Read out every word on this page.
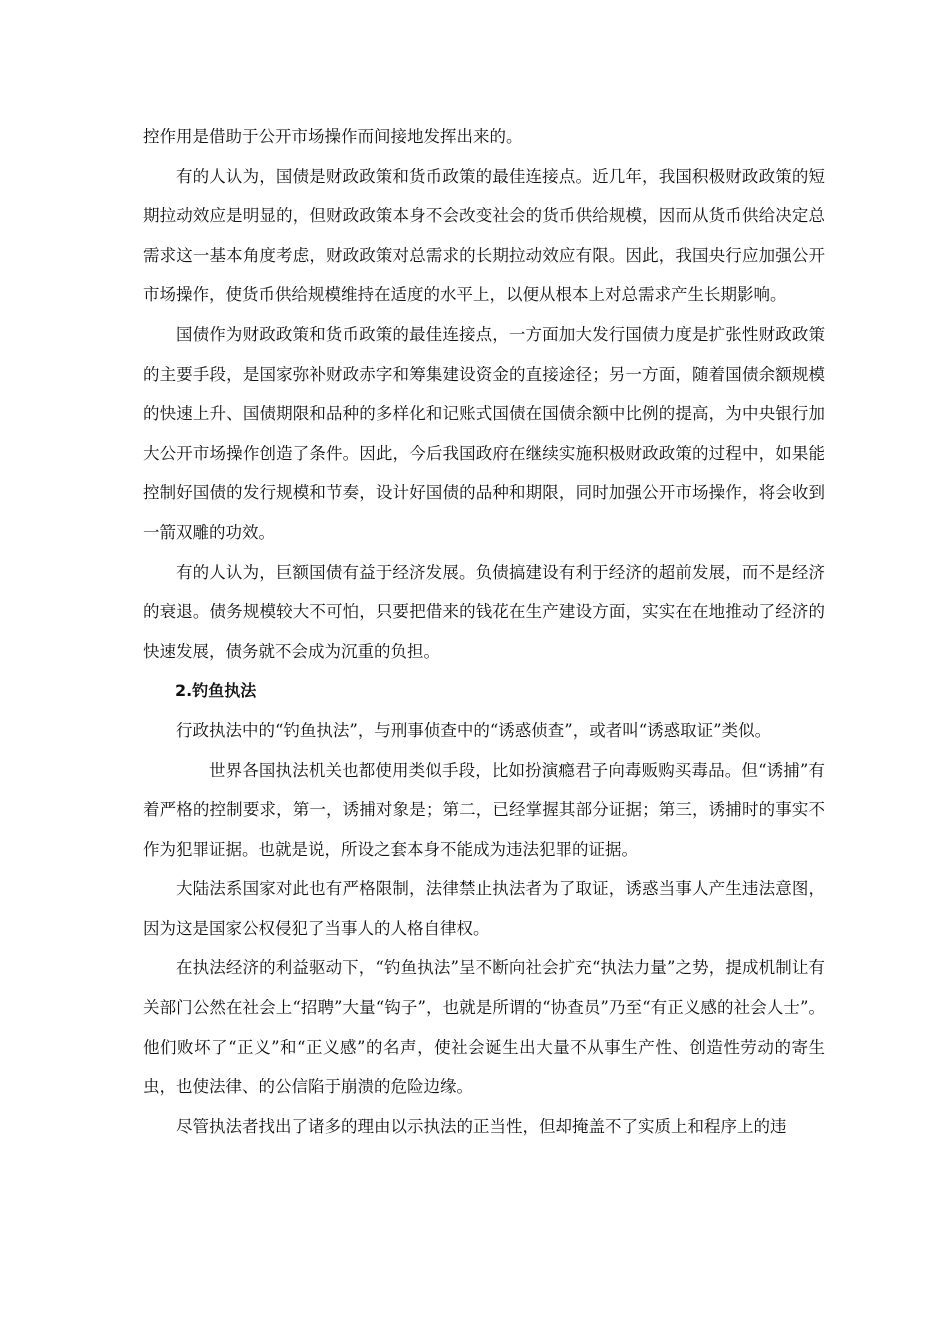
控作用是借助于公开市场操作而间接地发挥出来的。

有的人认为，国债是财政政策和货币政策的最佳连接点。近几年，我国积极财政政策的短期拉动效应是明显的，但财政政策本身不会改变社会的货币供给规模，因而从货币供给决定总需求这一基本角度考虑，财政政策对总需求的长期拉动效应有限。因此，我国央行应加强公开市场操作，使货币供给规模维持在适度的水平上，以便从根本上对总需求产生长期影响。

国债作为财政政策和货币政策的最佳连接点，一方面加大发行国债力度是扩张性财政政策的主要手段，是国家弥补财政赤字和筹集建设资金的直接途径；另一方面，随着国债余额规模的快速上升、国债期限和品种的多样化和记账式国债在国债余额中比例的提高，为中央银行加大公开市场操作创造了条件。因此，今后我国政府在继续实施积极财政政策的过程中，如果能控制好国债的发行规模和节奏，设计好国债的品种和期限，同时加强公开市场操作，将会收到一箭双雕的功效。

有的人认为，巨额国债有益于经济发展。负债搞建设有利于经济的超前发展，而不是经济的衰退。债务规模较大不可怕，只要把借来的钱花在生产建设方面，实实在在地推动了经济的快速发展，债务就不会成为沉重的负担。

2.钓鱼执法

行政执法中的“钓鱼执法”，与刑事侦查中的“诱惑侦查”，或者叫“诱惑取证”类似。

世界各国执法机关也都使用类似手段，比如扮演瘾君子向毒贩购买毒品。但“诱捕”有着严格的控制要求，第一，诱捕对象是；第二，已经掌握其部分证据；第三，诱捕时的事实不作为犯罪证据。也就是说，所设之套本身不能成为违法犯罪的证据。

大陆法系国家对此也有严格限制，法律禁止执法者为了取证，诱惑当事人产生违法意图，因为这是国家公权侵犯了当事人的人格自律权。

在执法经济的利益驱动下，“钓鱼执法”呈不断向社会扩充“执法力量”之势，提成机制让有关部门公然在社会上“招聘”大量“钩子”，也就是所谓的“协查员”乃至“有正义感的社会人士”。他们败坏了“正义”和“正义感”的名声，使社会诞生出大量不从事生产性、创造性劳动的寄生虫，也使法律、的公信陷于崩溃的危险边缘。

尽管执法者找出了诸多的理由以示执法的正当性，但却掩盖不了实质上和程序上的违
